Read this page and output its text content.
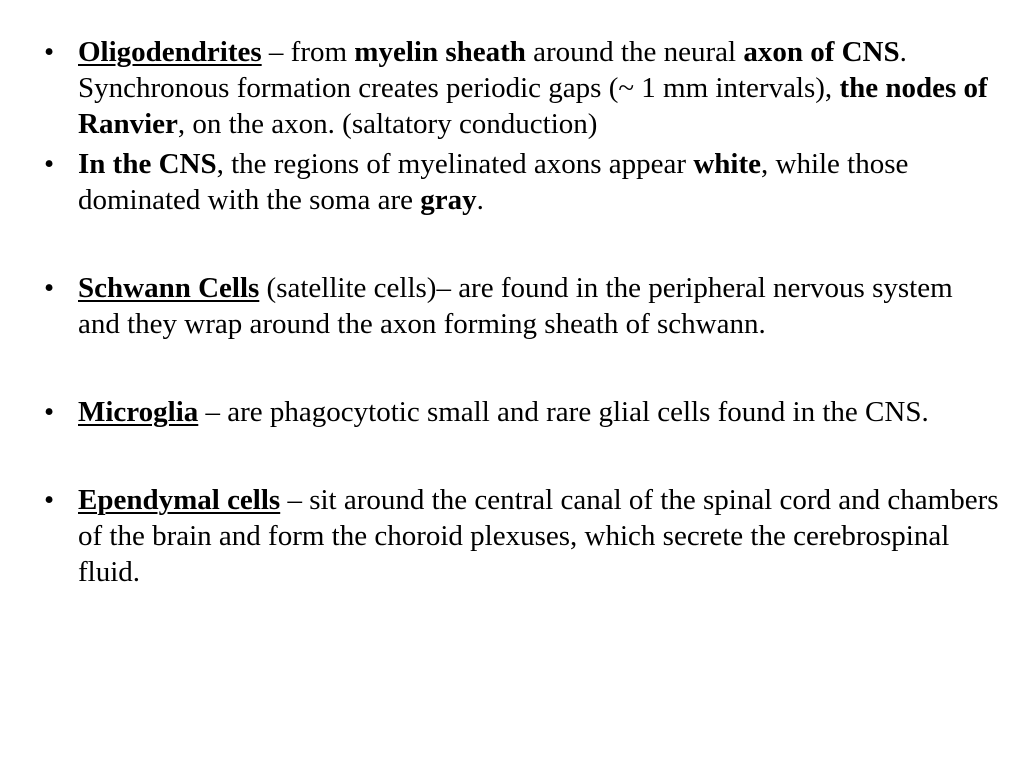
• Oligodendrites – from myelin sheath around the neural axon of CNS. Synchronous formation creates periodic gaps (~ 1 mm intervals), the nodes of Ranvier, on the axon. (saltatory conduction)
• In the CNS, the regions of myelinated axons appear white, while those dominated with the soma are gray.
• Schwann Cells (satellite cells)– are found in the peripheral nervous system and they wrap around the axon forming sheath of schwann.
• Microglia – are phagocytotic small and rare glial cells found in the CNS.
• Ependymal cells – sit around the central canal of the spinal cord and chambers of the brain and form the choroid plexuses, which secrete the cerebrospinal fluid.
